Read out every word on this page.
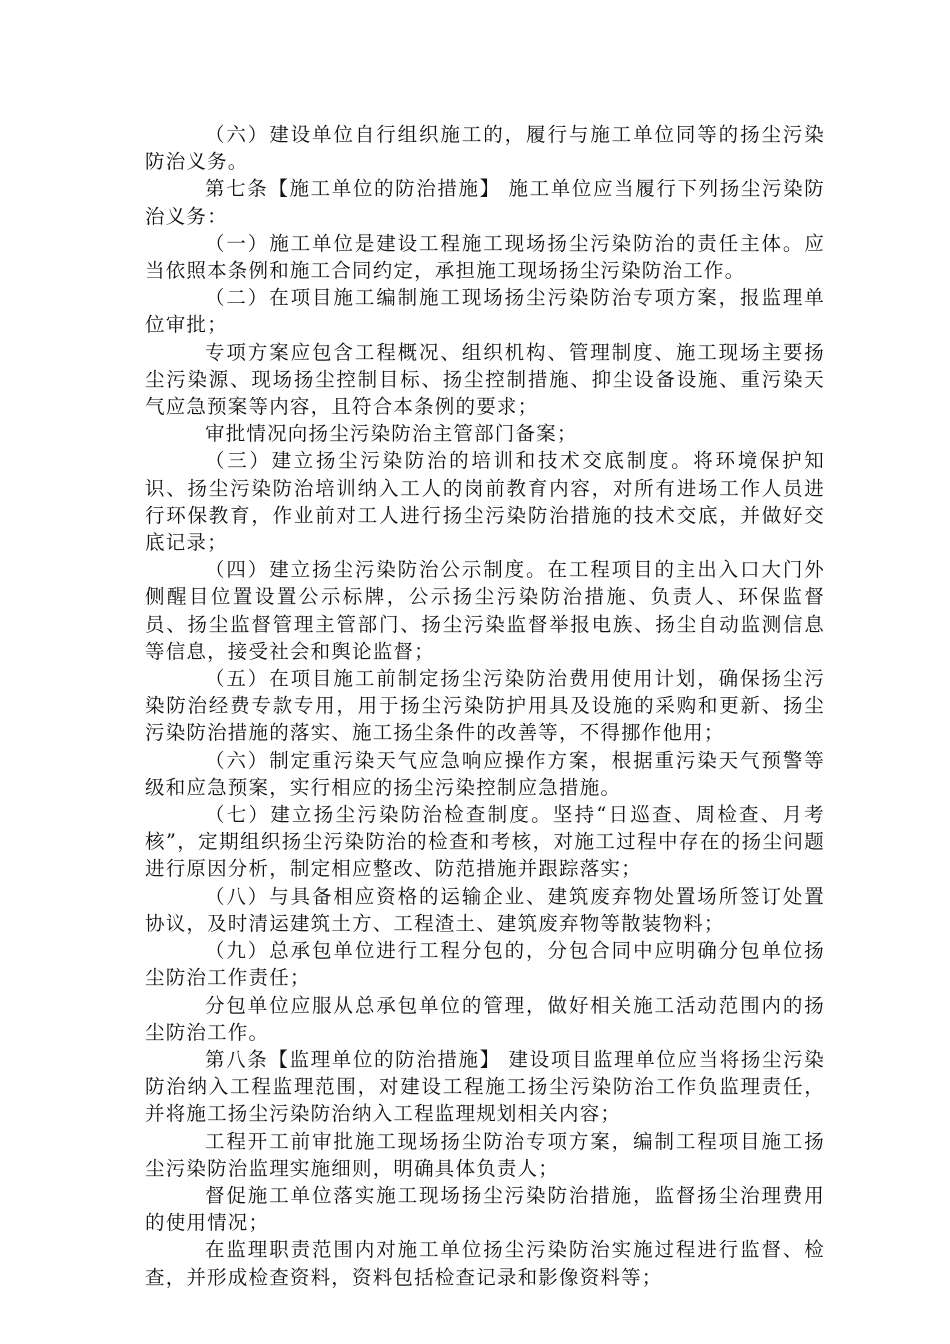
（六）建设单位自行组织施工的，履行与施工单位同等的扬尘污染防治义务。

第七条【施工单位的防治措施】 施工单位应当履行下列扬尘污染防治义务：

（一）施工单位是建设工程施工现场扬尘污染防治的责任主体。应当依照本条例和施工合同约定，承担施工现场扬尘污染防治工作。

（二）在项目施工编制施工现场扬尘污染防治专项方案，报监理单位审批；

专项方案应包含工程概况、组织机构、管理制度、施工现场主要扬尘污染源、现场扬尘控制目标、扬尘控制措施、抑尘设备设施、重污染天气应急预案等内容，且符合本条例的要求；

审批情况向扬尘污染防治主管部门备案；

（三）建立扬尘污染防治的培训和技术交底制度。将环境保护知识、扬尘污染防治培训纳入工人的岗前教育内容，对所有进场工作人员进行环保教育，作业前对工人进行扬尘污染防治措施的技术交底，并做好交底记录；

（四）建立扬尘污染防治公示制度。在工程项目的主出入口大门外侧醒目位置设置公示标牌，公示扬尘污染防治措施、负责人、环保监督员、扬尘监督管理主管部门、扬尘污染监督举报电族、扬尘自动监测信息等信息，接受社会和舆论监督；

（五）在项目施工前制定扬尘污染防治费用使用计划，确保扬尘污染防治经费专款专用，用于扬尘污染防护用具及设施的采购和更新、扬尘污染防治措施的落实、施工扬尘条件的改善等，不得挪作他用；

（六）制定重污染天气应急响应操作方案，根据重污染天气预警等级和应急预案，实行相应的扬尘污染控制应急措施。

（七）建立扬尘污染防治检查制度。坚持“日巡查、周检查、月考核”，定期组织扬尘污染防治的检查和考核，对施工过程中存在的扬尘问题进行原因分析，制定相应整改、防范措施并跟踪落实；

（八）与具备相应资格的运输企业、建筑废弃物处置场所签订处置协议，及时清运建筑土方、工程渣土、建筑废弃物等散装物料；

（九）总承包单位进行工程分包的，分包合同中应明确分包单位扬尘防治工作责任；

分包单位应服从总承包单位的管理，做好相关施工活动范围内的扬尘防治工作。

第八条【监理单位的防治措施】 建设项目监理单位应当将扬尘污染防治纳入工程监理范围，对建设工程施工扬尘污染防治工作负监理责任，并将施工扬尘污染防治纳入工程监理规划相关内容；

工程开工前审批施工现场扬尘防治专项方案，编制工程项目施工扬尘污染防治监理实施细则，明确具体负责人；

督促施工单位落实施工现场扬尘污染防治措施，监督扬尘治理费用的使用情况；

在监理职责范围内对施工单位扬尘污染防治实施过程进行监督、检查，并形成检查资料，资料包括检查记录和影像资料等；
